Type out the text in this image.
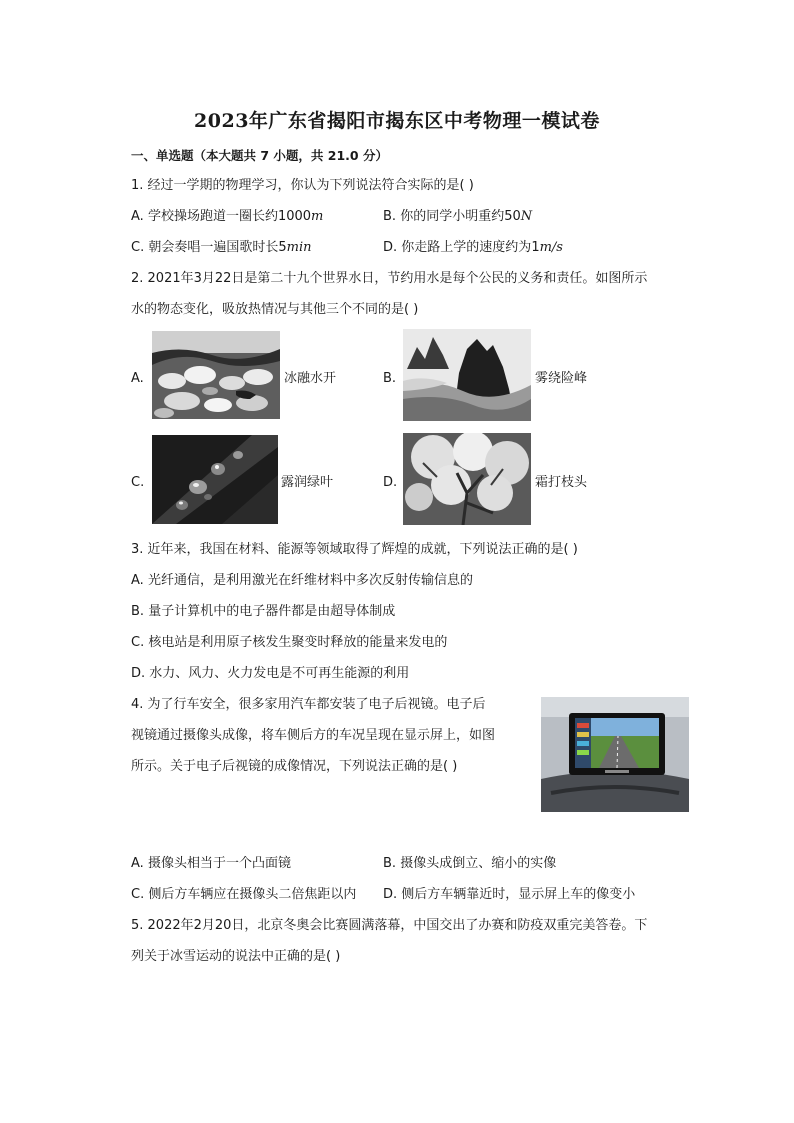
2023年广东省揭阳市揭东区中考物理一模试卷
一、单选题（本大题共 7 小题，共 21.0 分）
1. 经过一学期的物理学习，你认为下列说法符合实际的是( )
A. 学校操场跑道一圈长约1000m	B. 你的同学小明重约50N
C. 朝会奏唱一遍国歌时长5min	D. 你走路上学的速度约为1m/s
2. 2021年3月22日是第二十九个世界水日，节约用水是每个公民的义务和责任。如图所示
水的物态变化，吸放热情况与其他三个不同的是( )
A.	冰融水开	B.	雾绕险峰
C.	露润绿叶	D.	霜打枝头
3. 近年来，我国在材料、能源等领域取得了辉煌的成就，下列说法正确的是( )
A. 光纤通信，是利用激光在纤维材料中多次反射传输信息的
B. 量子计算机中的电子器件都是由超导体制成
C. 核电站是利用原子核发生聚变时释放的能量来发电的
D. 水力、风力、火力发电是不可再生能源的利用
4. 为了行车安全，很多家用汽车都安装了电子后视镜。电子后
视镜通过摄像头成像，将车侧后方的车况呈现在显示屏上，如图
所示。关于电子后视镜的成像情况，下列说法正确的是( )
A. 摄像头相当于一个凸面镜	B. 摄像头成倒立、缩小的实像
C. 侧后方车辆应在摄像头二倍焦距以内 D. 侧后方车辆靠近时，显示屏上车的像变小
5. 2022年2月20日，北京冬奥会比赛圆满落幕，中国交出了办赛和防疫双重完美答卷。下
列关于冰雪运动的说法中正确的是( )
